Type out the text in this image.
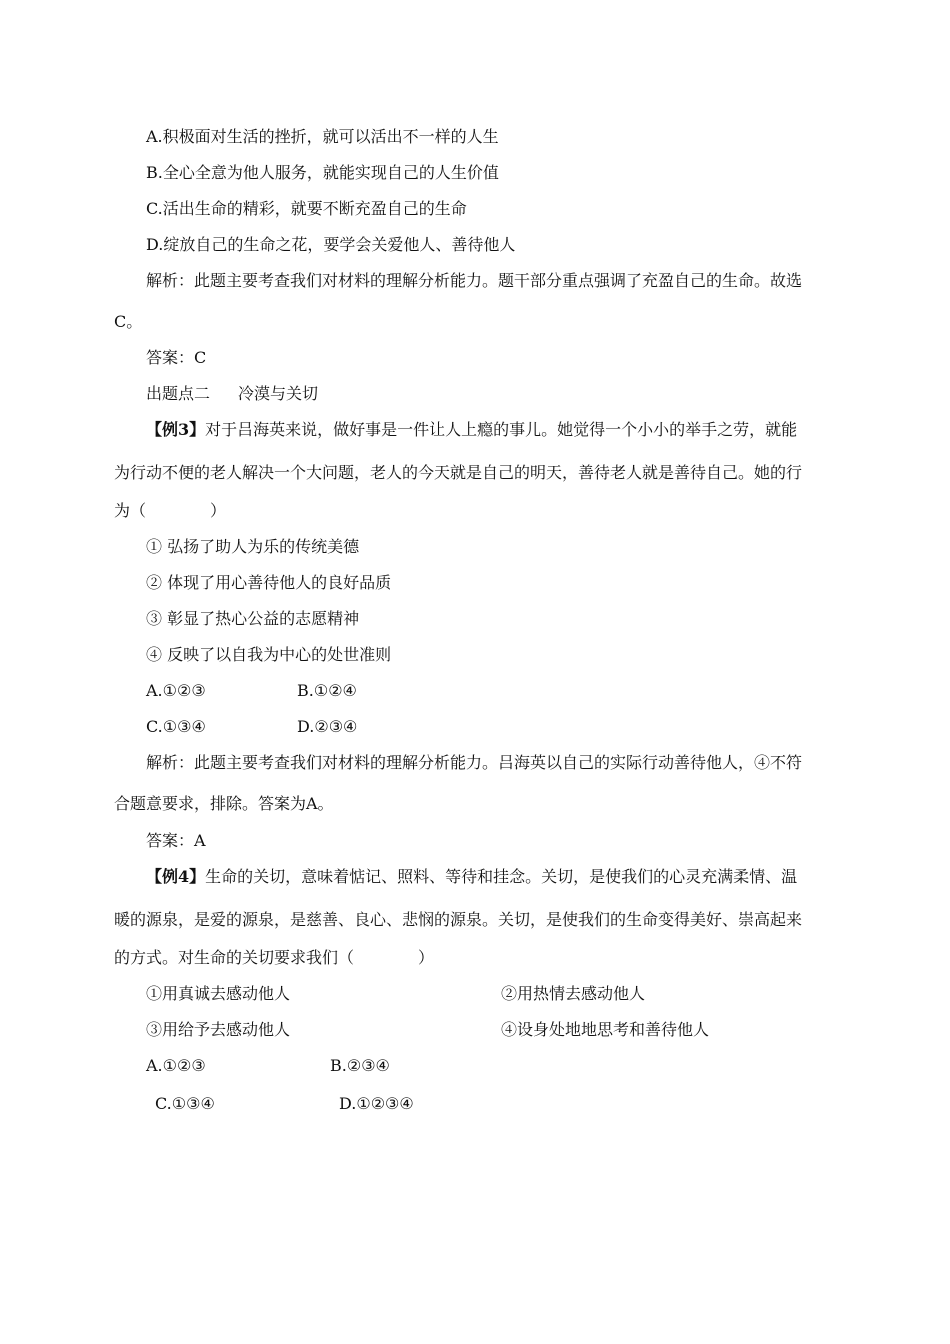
A.积极面对生活的挫折，就可以活出不一样的人生
B.全心全意为他人服务，就能实现自己的人生价值
C.活出生命的精彩，就要不断充盈自己的生命
D.绽放自己的生命之花，要学会关爱他人、善待他人
解析：此题主要考查我们对材料的理解分析能力。题干部分重点强调了充盈自己的生命。故选
C。
答案：C
出题点二 冷漠与关切
【例3】对于吕海英来说，做好事是一件让人上瘾的事儿。她觉得一个小小的举手之劳，就能
为行动不便的老人解决一个大问题，老人的今天就是自己的明天，善待老人就是善待自己。她的行
为（　　　　）
① 弘扬了助人为乐的传统美德
② 体现了用心善待他人的良好品质
③ 彰显了热心公益的志愿精神
④ 反映了以自我为中心的处世准则
A.①②③	B.①②④
C.①③④	D.②③④
解析：此题主要考查我们对材料的理解分析能力。吕海英以自己的实际行动善待他人，④不符
合题意要求，排除。答案为A。
答案：A
【例4】生命的关切，意味着惦记、照料、等待和挂念。关切，是使我们的心灵充满柔情、温
暖的源泉，是爱的源泉，是慈善、良心、悲悯的源泉。关切，是使我们的生命变得美好、崇高起来
的方式。对生命的关切要求我们（　　　　）
①用真诚去感动他人	②用热情去感动他人
③用给予去感动他人	④设身处地地思考和善待他人
A.①②③	B.②③④
C.①③④	D.①②③④
